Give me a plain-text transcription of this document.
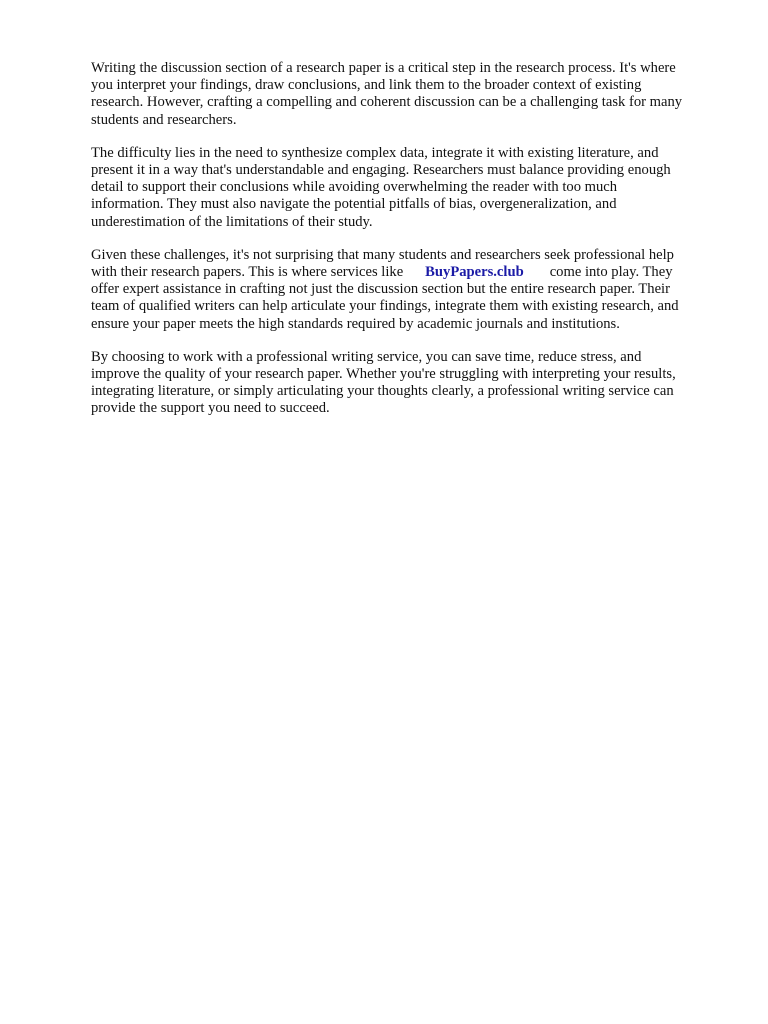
Writing the discussion section of a research paper is a critical step in the research process. It's where
you interpret your findings, draw conclusions, and link them to the broader context of existing
research. However, crafting a compelling and coherent discussion can be a challenging task for many
students and researchers.

The difficulty lies in the need to synthesize complex data, integrate it with existing literature, and
present it in a way that's understandable and engaging. Researchers must balance providing enough
detail to support their conclusions while avoiding overwhelming the reader with too much
information. They must also navigate the potential pitfalls of bias, overgeneralization, and
underestimation of the limitations of their study.

Given these challenges, it's not surprising that many students and researchers seek professional help
with their research papers. This is where services like BuyPapers.club come into play. They
offer expert assistance in crafting not just the discussion section but the entire research paper. Their
team of qualified writers can help articulate your findings, integrate them with existing research, and
ensure your paper meets the high standards required by academic journals and institutions.

By choosing to work with a professional writing service, you can save time, reduce stress, and
improve the quality of your research paper. Whether you're struggling with interpreting your results,
integrating literature, or simply articulating your thoughts clearly, a professional writing service can
provide the support you need to succeed.
